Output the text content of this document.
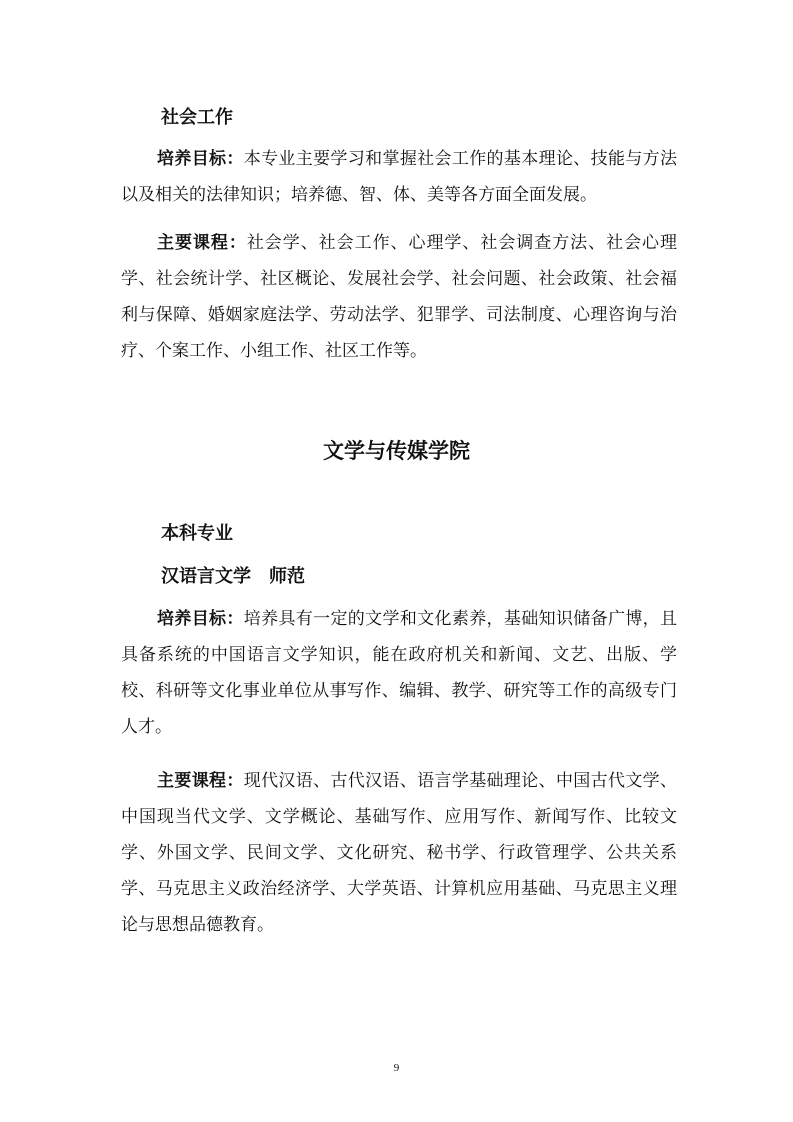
社会工作

培养目标：本专业主要学习和掌握社会工作的基本理论、技能与方法以及相关的法律知识；培养德、智、体、美等各方面全面发展。

主要课程：社会学、社会工作、心理学、社会调查方法、社会心理学、社会统计学、社区概论、发展社会学、社会问题、社会政策、社会福利与保障、婚姻家庭法学、劳动法学、犯罪学、司法制度、心理咨询与治疗、个案工作、小组工作、社区工作等。

文学与传媒学院
本科专业
汉语言文学　师范

培养目标：培养具有一定的文学和文化素养，基础知识储备广博，且具备系统的中国语言文学知识，能在政府机关和新闻、文艺、出版、学校、科研等文化事业单位从事写作、编辑、教学、研究等工作的高级专门人才。

主要课程：现代汉语、古代汉语、语言学基础理论、中国古代文学、中国现当代文学、文学概论、基础写作、应用写作、新闻写作、比较文学、外国文学、民间文学、文化研究、秘书学、行政管理学、公共关系学、马克思主义政治经济学、大学英语、计算机应用基础、马克思主义理论与思想品德教育。

9
